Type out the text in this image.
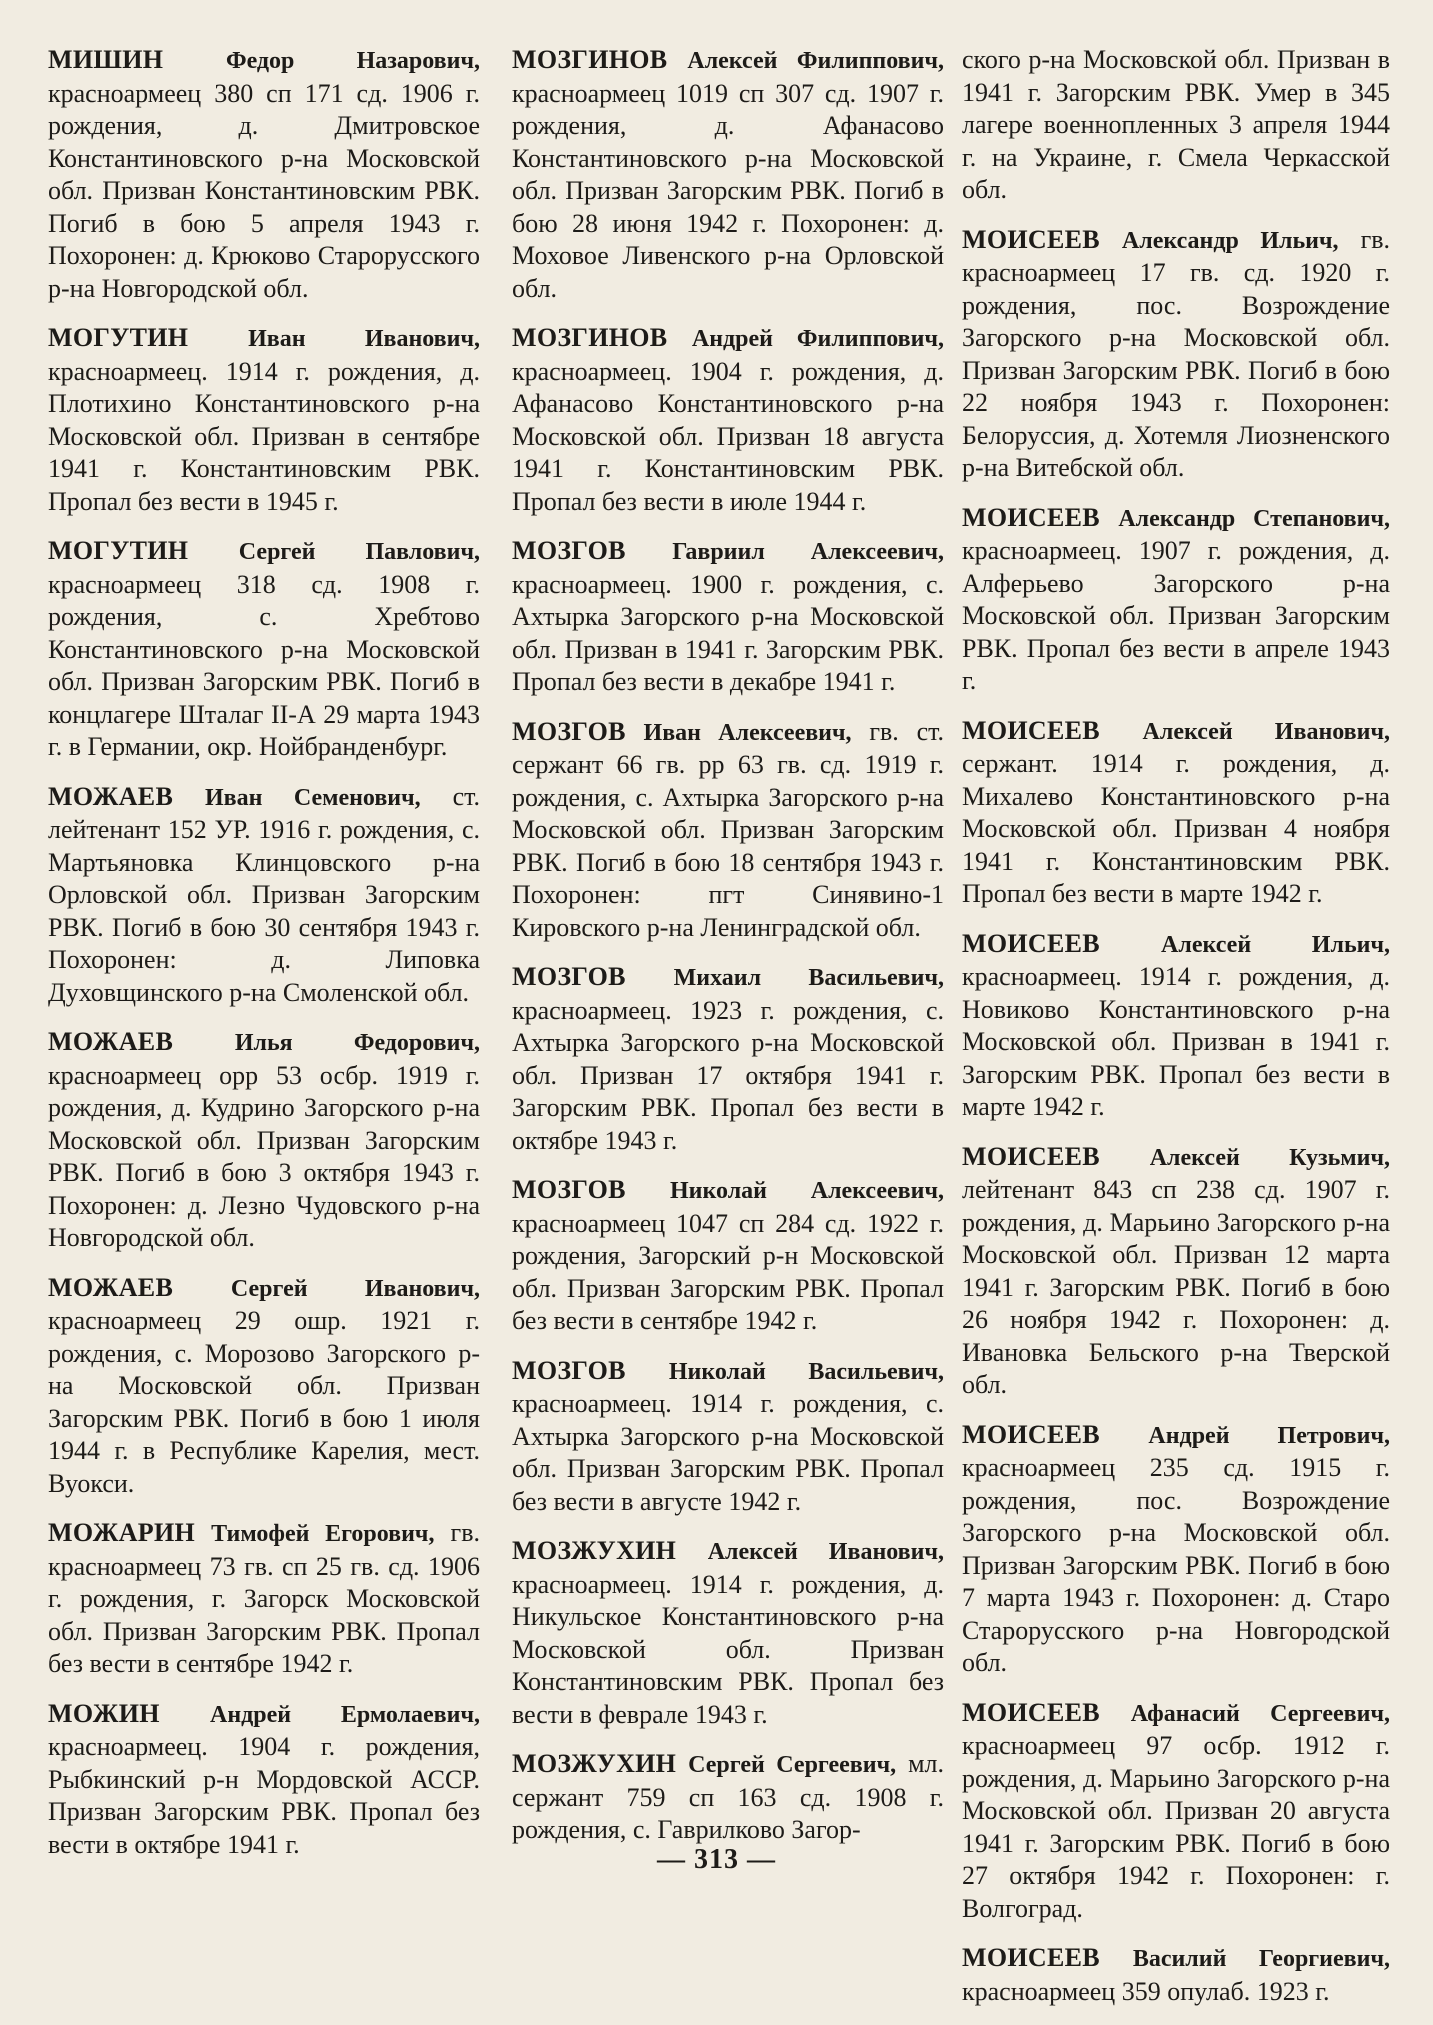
МИШИН	Федор Назарович, красноармеец 380 сп 171 сд. 1906 г. рождения, д. Дмитровское Константиновского р-на Московской обл. Призван Константиновским РВК. Погиб в бою 5 апреля 1943 г. Похоронен: д. Крюково Старорусского р-на Новгородской обл.

МОГУТИН Иван Иванович, красноармеец. 1914 г. рождения, д. Плотихино Константиновского р-на Московской обл. Призван в сентябре 1941 г. Константиновским РВК. Пропал без вести в 1945 г.

МОГУТИН Сергей Павлович, красноармеец 318 сд. 1908 г. рождения, с. Хребтово Константиновского р-на Московской обл. Призван Загорским РВК. Погиб в концлагере Шталаг II-А 29 марта 1943 г. в Германии, окр. Нойбранденбург.

МОЖАЕВ Иван Семенович, ст. лейтенант 152 УР. 1916 г. рождения, с. Мартьяновка Клинцовского р-на Орловской обл. Призван Загорским РВК. Погиб в бою 30 сентября 1943 г. Похоронен: д. Липовка Духовщинского р-на Смоленской обл.

МОЖАЕВ	Илья Федорович, красноармеец орр 53 осбр. 1919 г. рождения, д. Кудрино Загорского р-на Московской обл. Призван Загорским РВК. Погиб в бою 3 октября 1943 г. Похоронен: д. Лезно Чудовского р-на Новгородской обл.

МОЖАЕВ Сергей Иванович, красноармеец 29 ошр. 1921 г. рождения, с. Морозово Загорского р-на Московской обл. Призван Загорским РВК. Погиб в бою 1 июля 1944 г. в Республике Карелия, мест. Вуокси.

МОЖАРИН Тимофей Егорович, гв. красноармеец 73 гв. сп 25 гв. сд. 1906 г. рождения, г. Загорск Московской обл. Призван Загорским РВК. Пропал без вести в сентябре 1942 г.

МОЖИН Андрей Ермолаевич, красноармеец. 1904 г. рождения, Рыбкинский р-н Мордовской АССР. Призван Загорским РВК. Пропал без вести в октябре 1941 г.

МОЗГИНОВ Алексей Филиппович, красноармеец 1019 сп 307 сд. 1907 г. рождения, д. Афанасово Константиновского р-на Московской обл. Призван Загорским РВК. Погиб в бою 28 июня 1942 г. Похоронен: д. Моховое Ливенского р-на Орловской обл.

МОЗГИНОВ Андрей Филиппович, красноармеец. 1904 г. рождения, д. Афанасово Константиновского р-на Московской обл. Призван 18 августа 1941 г. Константиновским РВК. Пропал без вести в июле 1944 г.

МОЗГОВ Гавриил Алексеевич, красноармеец. 1900 г. рождения, с. Ахтырка Загорского р-на Московской обл. Призван в 1941 г. Загорским РВК. Пропал без вести в декабре 1941 г.

МОЗГОВ Иван Алексеевич, гв. ст. сержант 66 гв. рр 63 гв. сд. 1919 г. рождения, с. Ахтырка Загорского р-на Московской обл. Призван Загорским РВК. Погиб в бою 18 сентября 1943 г. Похоронен: пгт Синявино-1 Кировского р-на Ленинградской обл.

МОЗГОВ Михаил Васильевич, красноармеец. 1923 г. рождения, с. Ахтырка Загорского р-на Московской обл. Призван 17 октября 1941 г. Загорским РВК. Пропал без вести в октябре 1943 г.

МОЗГОВ Николай Алексеевич, красноармеец 1047 сп 284 сд. 1922 г. рождения, Загорский р-н Московской обл. Призван Загорским РВК. Пропал без вести в сентябре 1942 г.

МОЗГОВ Николай Васильевич, красноармеец. 1914 г. рождения, с. Ахтырка Загорского р-на Московской обл. Призван Загорским РВК. Пропал без вести в августе 1942 г.

МОЗЖУХИН Алексей Иванович, красноармеец. 1914 г. рождения, д. Никульское Константиновского р-на Московской обл. Призван Константиновским РВК. Пропал без вести в феврале 1943 г.

МОЗЖУХИН Сергей Сергеевич, мл. сержант 759 сп 163 сд. 1908 г. рождения, с. Гаврилково Загор-

ского р-на Московской обл. Призван в 1941 г. Загорским РВК. Умер в 345 лагере военнопленных 3 апреля 1944 г. на Украине, г. Смела Черкасской обл.

МОИСЕЕВ Александр Ильич, гв. красноармеец 17 гв. сд. 1920 г. рождения, пос. Возрождение Загорского р-на Московской обл. Призван Загорским РВК. Погиб в бою 22 ноября 1943 г. Похоронен: Белоруссия, д. Хотемля Лиозненского р-на Витебской обл.

МОИСЕЕВ Александр Степанович, красноармеец. 1907 г. рождения, д. Алферьево Загорского р-на Московской обл. Призван Загорским РВК. Пропал без вести в апреле 1943 г.

МОИСЕЕВ Алексей Иванович, сержант. 1914 г. рождения, д. Михалево Константиновского р-на Московской обл. Призван 4 ноября 1941 г. Константиновским РВК. Пропал без вести в марте 1942 г.

МОИСЕЕВ	Алексей Ильич, красноармеец. 1914 г. рождения, д. Новиково Константиновского р-на Московской обл. Призван в 1941 г. Загорским РВК. Пропал без вести в марте 1942 г.

МОИСЕЕВ Алексей Кузьмич, лейтенант 843 сп 238 сд. 1907 г. рождения, д. Марьино Загорского р-на Московской обл. Призван 12 марта 1941 г. Загорским РВК. Погиб в бою 26 ноября 1942 г. Похоронен: д. Ивановка Бельского р-на Тверской обл.

МОИСЕЕВ Андрей Петрович, красноармеец 235 сд. 1915 г. рождения, пос. Возрождение Загорского р-на Московской обл. Призван Загорским РВК. Погиб в бою 7 марта 1943 г. Похоронен: д. Старо Старорусского р-на Новгородской обл.

МОИСЕЕВ Афанасий Сергеевич, красноармеец 97 осбр. 1912 г. рождения, д. Марьино Загорского р-на Московской обл. Призван 20 августа 1941 г. Загорским РВК. Погиб в бою 27 октября 1942 г. Похоронен: г. Волгоград.

МОИСЕЕВ Василий Георгиевич, красноармеец 359 опулаб. 1923 г.

— 313 —
